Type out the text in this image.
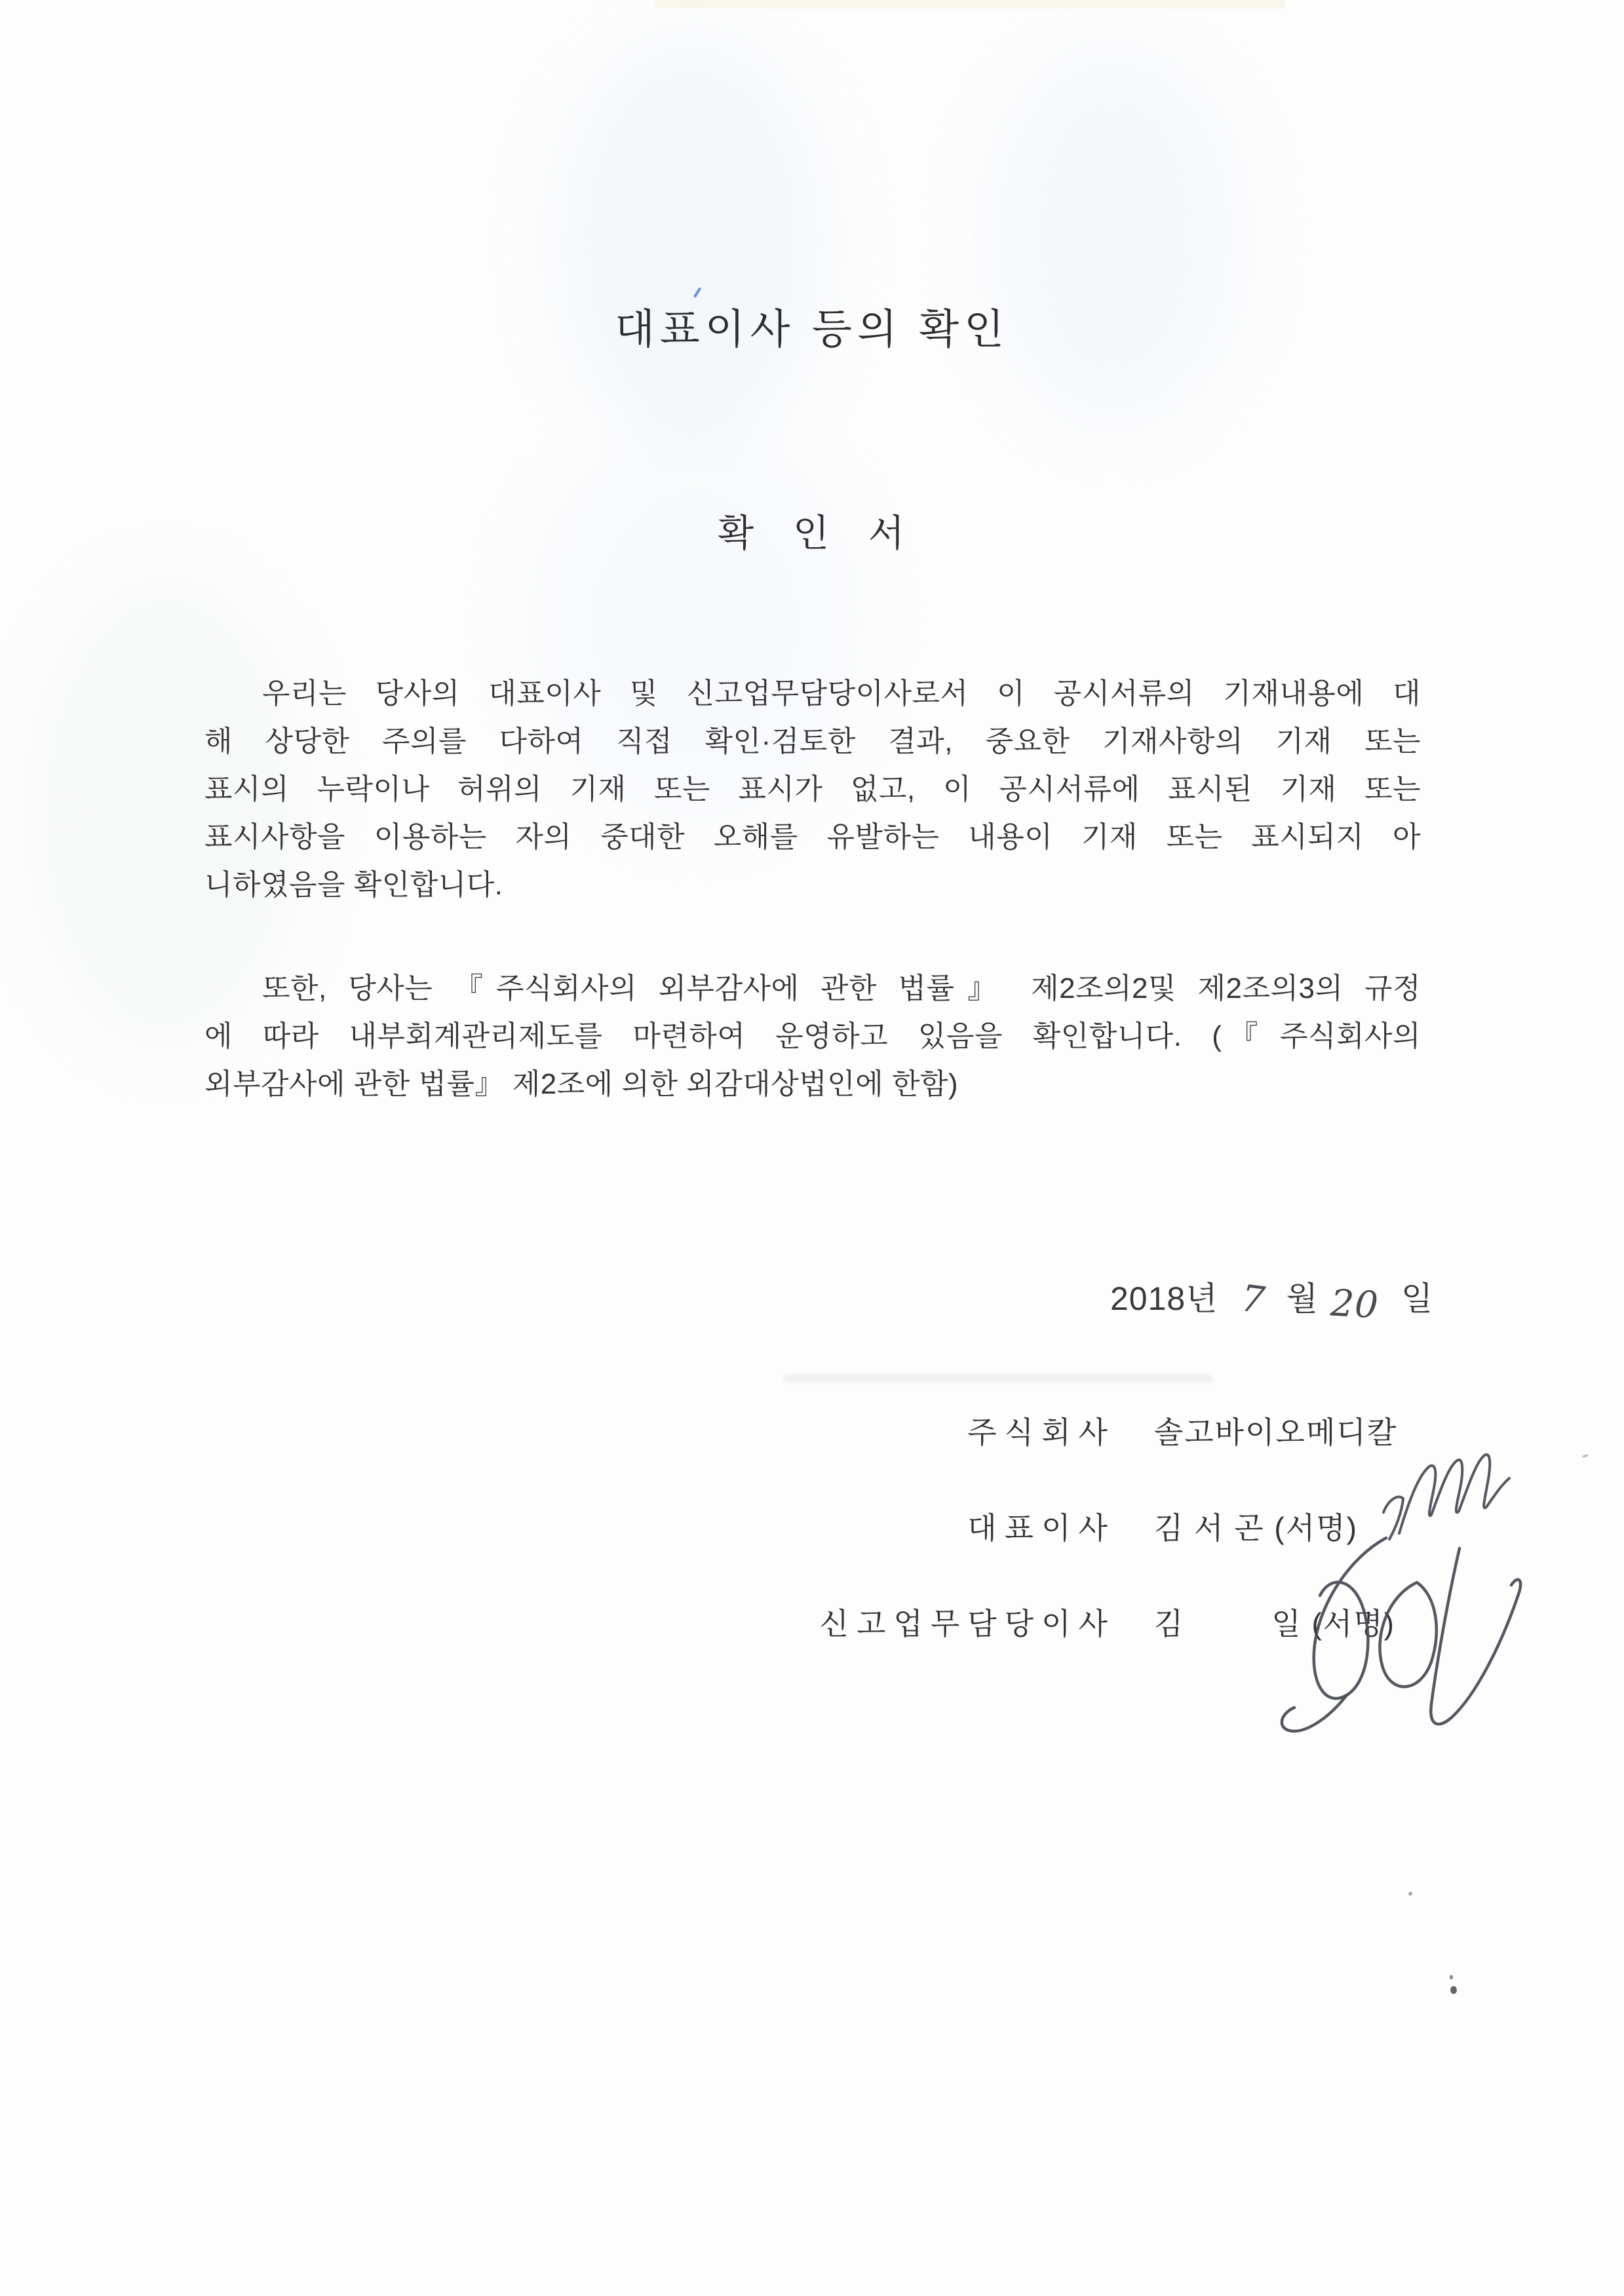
대표이사 등의 확인
확 인 서
우리는 당사의 대표이사 및 신고업무담당이사로서 이 공시서류의 기재내용에 대
해 상당한 주의를 다하여 직접 확인·검토한 결과, 중요한 기재사항의 기재 또는
표시의 누락이나 허위의 기재 또는 표시가 없고, 이 공시서류에 표시된 기재 또는
표시사항을 이용하는 자의 중대한 오해를 유발하는 내용이 기재 또는 표시되지 아
니하였음을 확인합니다.
또한, 당사는 『주식회사의 외부감사에 관한 법률』 제2조의2및 제2조의3의 규정
에 따라 내부회계관리제도를 마련하여 운영하고 있음을 확인합니다. (『주식회사의
외부감사에 관한 법률』 제2조에 의한 외감대상법인에 한함)
2018년 7 월 20 일
주식회사 솔고바이오메디칼
대표이사 김 서 곤 (서명)
신고업무담당이사 김         일 (서명)
